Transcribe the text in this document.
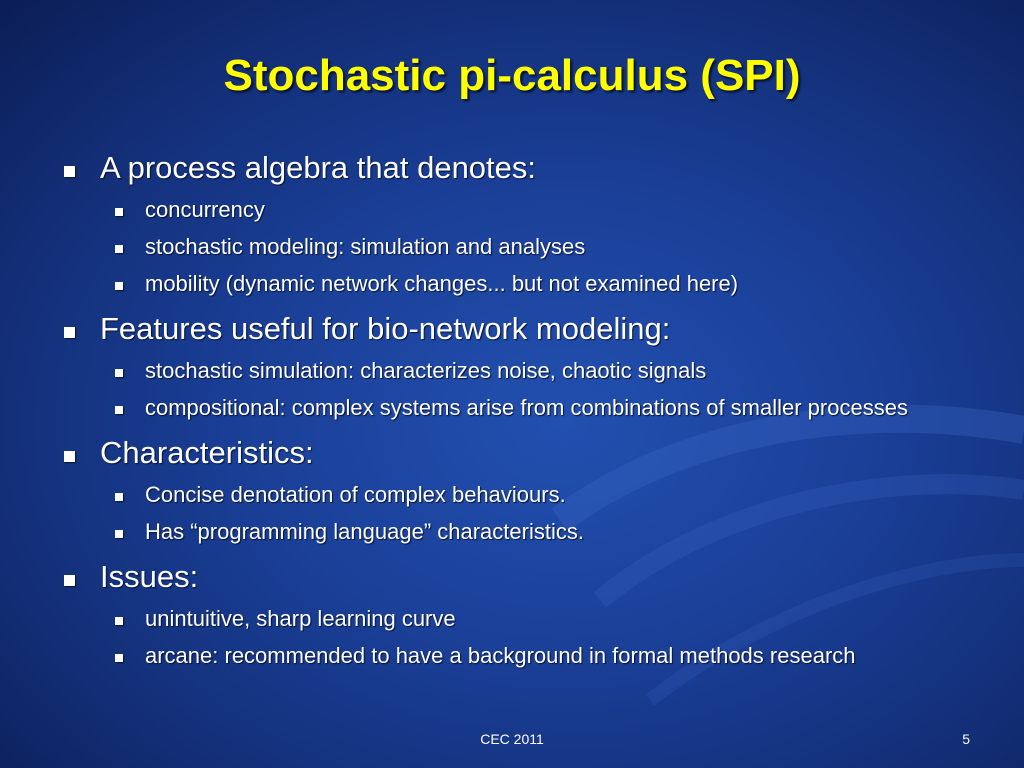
Stochastic pi-calculus (SPI)
A process algebra that denotes:
concurrency
stochastic modeling: simulation and analyses
mobility (dynamic network changes... but not examined here)
Features useful for bio-network modeling:
stochastic simulation: characterizes noise, chaotic signals
compositional: complex systems arise from combinations of smaller processes
Characteristics:
Concise denotation of complex behaviours.
Has “programming language” characteristics.
Issues:
unintuitive, sharp learning curve
arcane: recommended to have a background in formal methods research
CEC 2011	5
